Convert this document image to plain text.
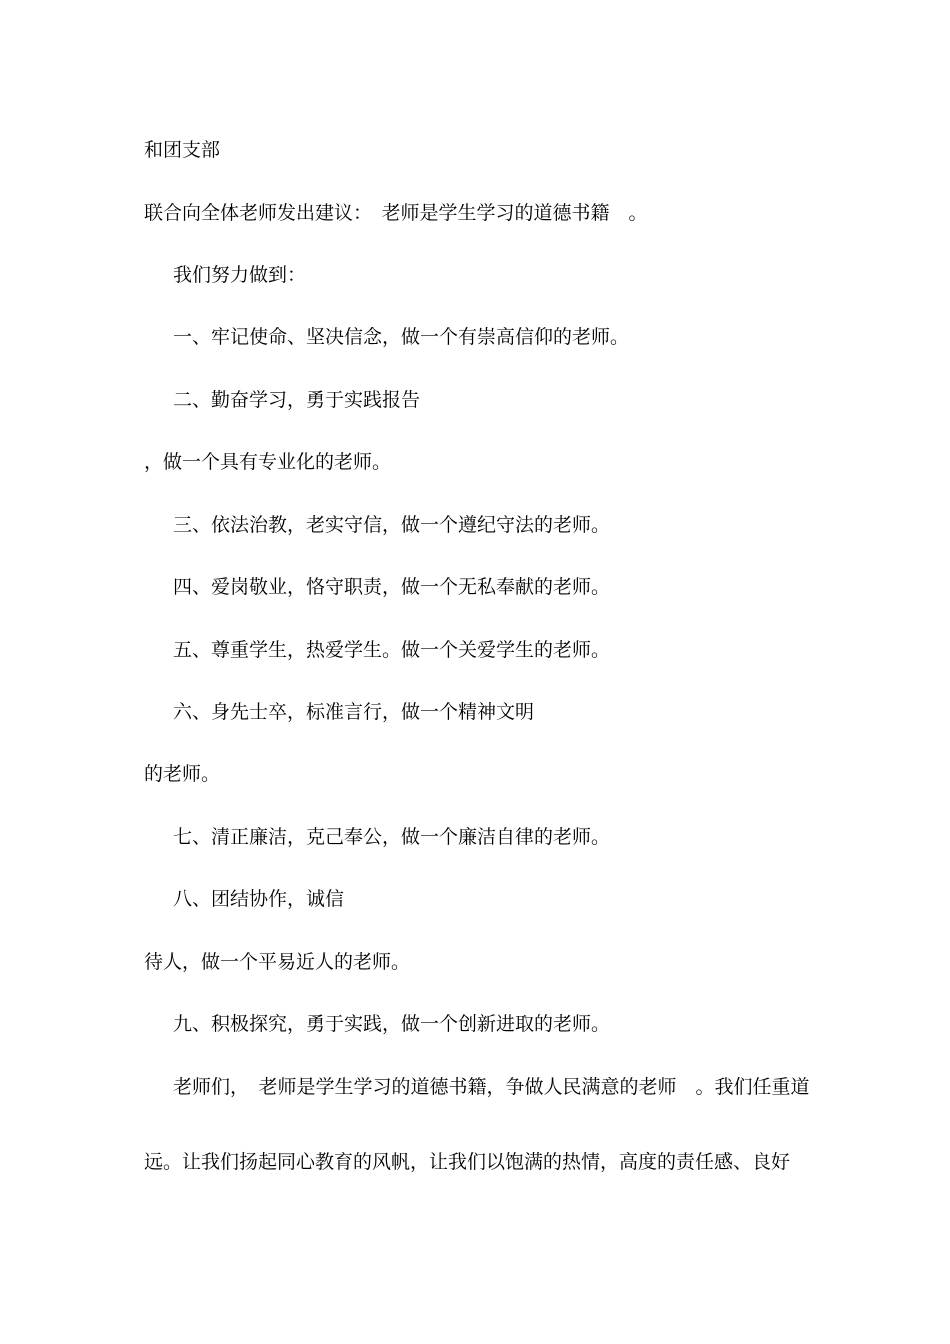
和团支部
联合向全体老师发出建议：　老师是学生学习的道德书籍　。
我们努力做到：
一、牢记使命、坚决信念，做一个有崇高信仰的老师。
二、勤奋学习，勇于实践报告
，做一个具有专业化的老师。
三、依法治教，老实守信，做一个遵纪守法的老师。
四、爱岗敬业，恪守职责，做一个无私奉献的老师。
五、尊重学生，热爱学生。做一个关爱学生的老师。
六、身先士卒，标准言行，做一个精神文明
的老师。
七、清正廉洁，克己奉公，做一个廉洁自律的老师。
八、团结协作，诚信
待人，做一个平易近人的老师。
九、积极探究，勇于实践，做一个创新进取的老师。
老师们，　老师是学生学习的道德书籍，争做人民满意的老师　。我们任重道
远。让我们扬起同心教育的风帆，让我们以饱满的热情，高度的责任感、良好
